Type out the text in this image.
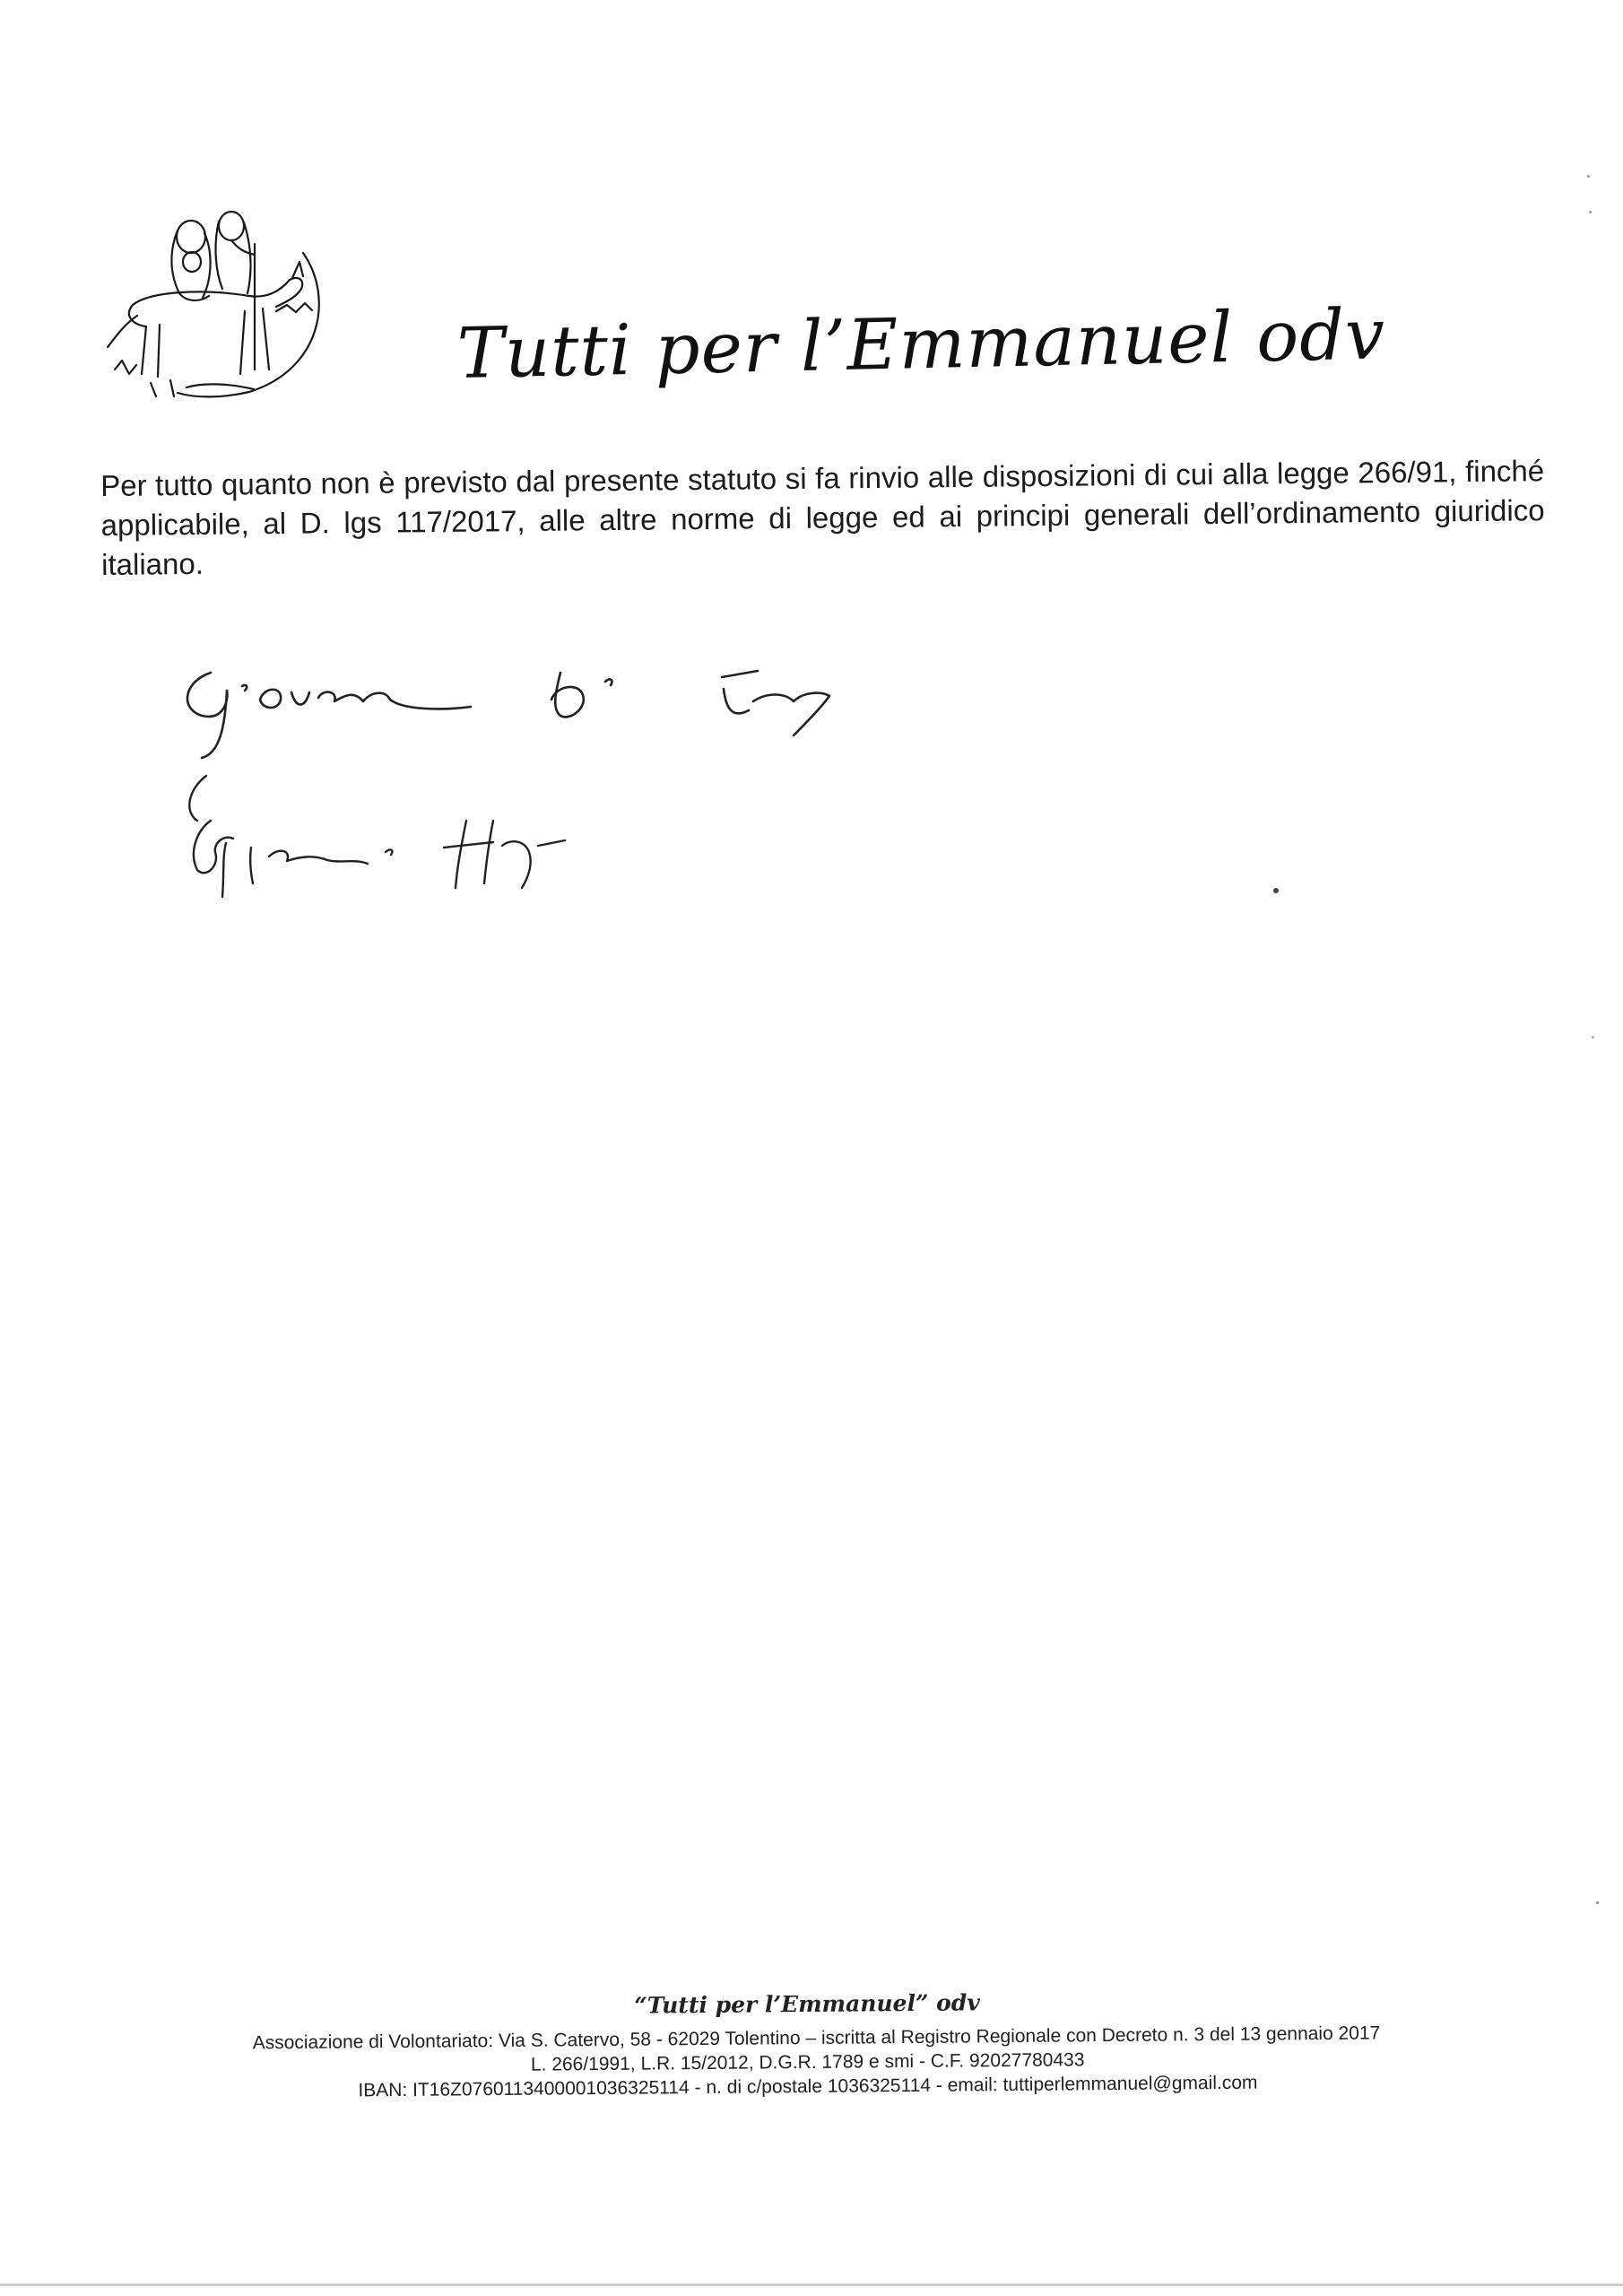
Tutti per l’Emmanuel odv
Per tutto quanto non è previsto dal presente statuto si fa rinvio alle disposizioni di cui alla legge 266/91, finché applicabile, al D. lgs 117/2017, alle altre norme di legge ed ai principi generali dell’ordinamento giuridico italiano.
“Tutti per l’Emmanuel” odv
Associazione di Volontariato: Via S. Catervo, 58 - 62029 Tolentino – iscritta al Registro Regionale con Decreto n. 3 del 13 gennaio 2017
L. 266/1991, L.R. 15/2012, D.G.R. 1789 e smi - C.F. 92027780433
IBAN: IT16Z0760113400001036325114 - n. di c/postale 1036325114 - email: tuttiperlemmanuel@gmail.com
